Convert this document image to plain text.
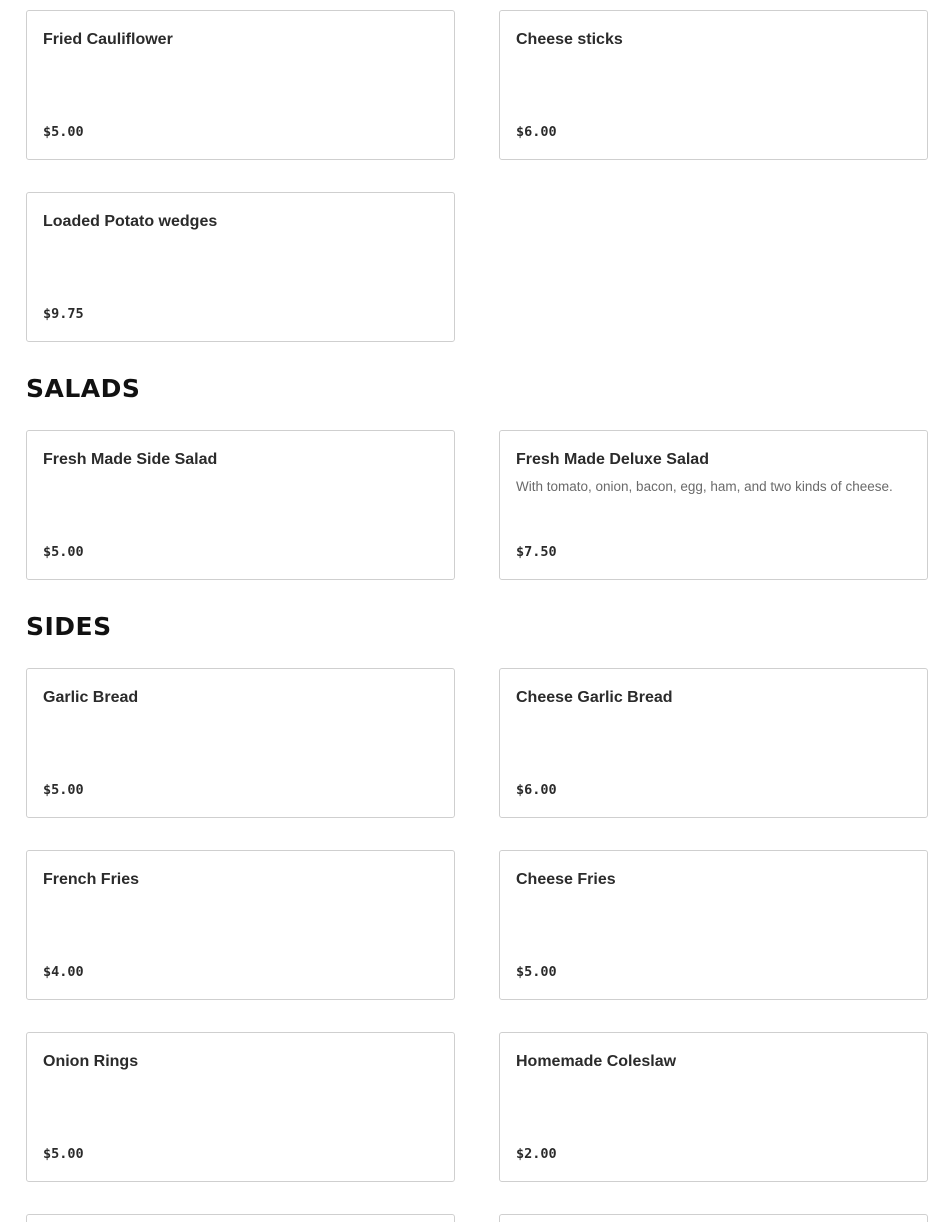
Fried Cauliflower
$5.00
Cheese sticks
$6.00
Loaded Potato wedges
$9.75
SALADS
Fresh Made Side Salad
$5.00
Fresh Made Deluxe Salad
With tomato, onion, bacon, egg, ham, and two kinds of cheese.
$7.50
SIDES
Garlic Bread
$5.00
Cheese Garlic Bread
$6.00
French Fries
$4.00
Cheese Fries
$5.00
Onion Rings
$5.00
Homemade Coleslaw
$2.00
